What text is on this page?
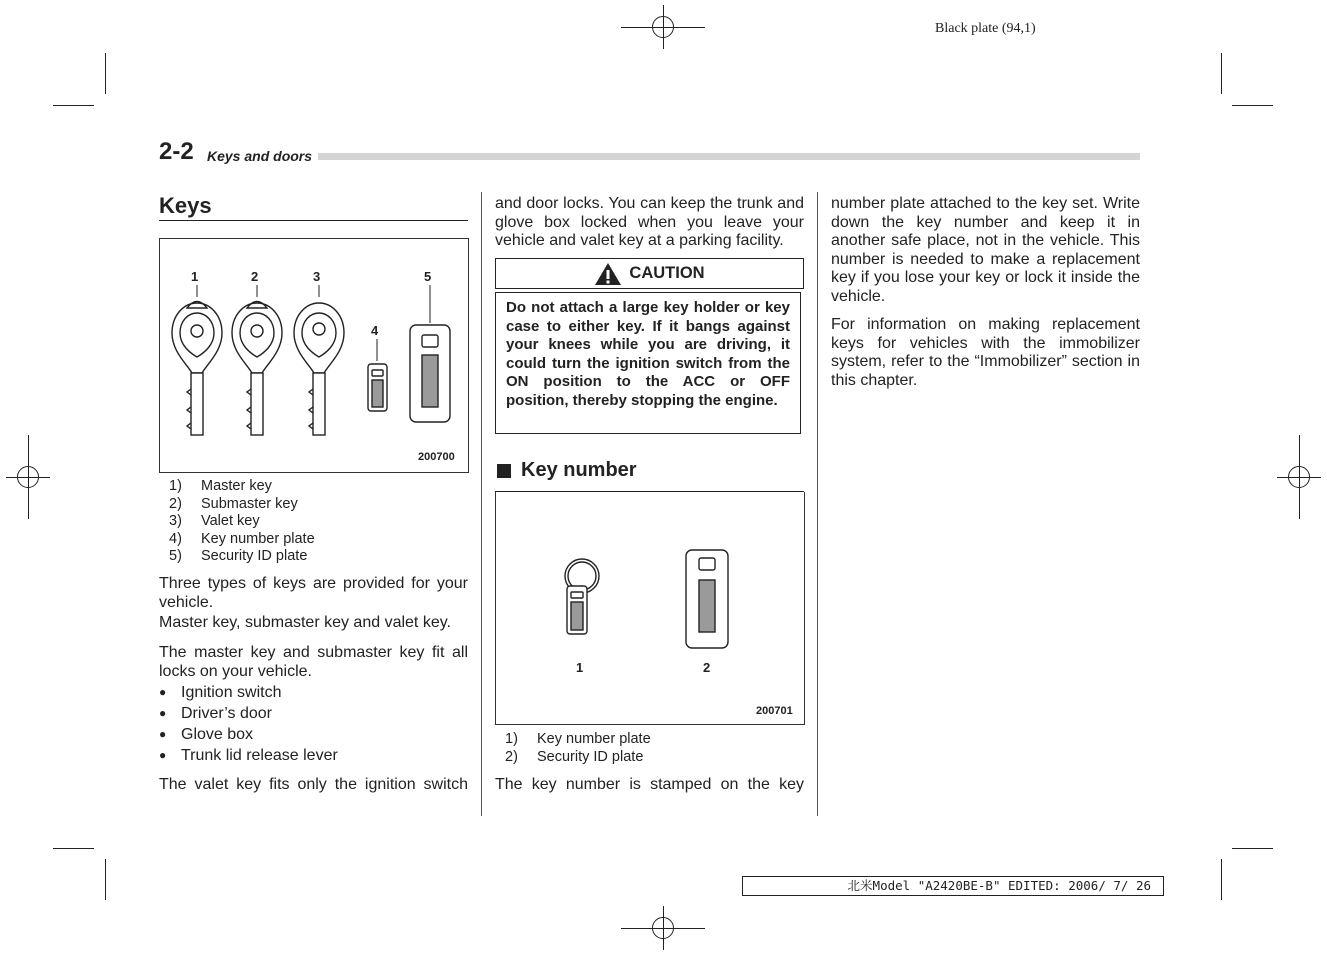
Black plate (94,1)
2-2 Keys and doors
Keys
1	2	3
4
5
200700
1)	Master key
2)	Submaster key
3)	Valet key
4)	Key number plate
5)	Security ID plate
Three types of keys are provided for your vehicle.
Master key, submaster key and valet key.
The master key and submaster key fit all locks on your vehicle.
● Ignition switch
● Driver’s door
● Glove box
● Trunk lid release lever
The valet key fits only the ignition switch
and door locks. You can keep the trunk and glove box locked when you leave your vehicle and valet key at a parking facility.
CAUTION
Do not attach a large key holder or key case to either key. If it bangs against your knees while you are driving, it could turn the ignition switch from the ON position to the ACC or OFF position, thereby stopping the engine.
Key number
1	2
200701
1)	Key number plate
2)	Security ID plate
The key number is stamped on the key
number plate attached to the key set. Write down the key number and keep it in another safe place, not in the vehicle. This number is needed to make a replacement key if you lose your key or lock it inside the vehicle.
For information on making replacement keys for vehicles with the immobilizer system, refer to the “Immobilizer” section in this chapter.
北米Model "A2420BE-B" EDITED: 2006/ 7/ 26
